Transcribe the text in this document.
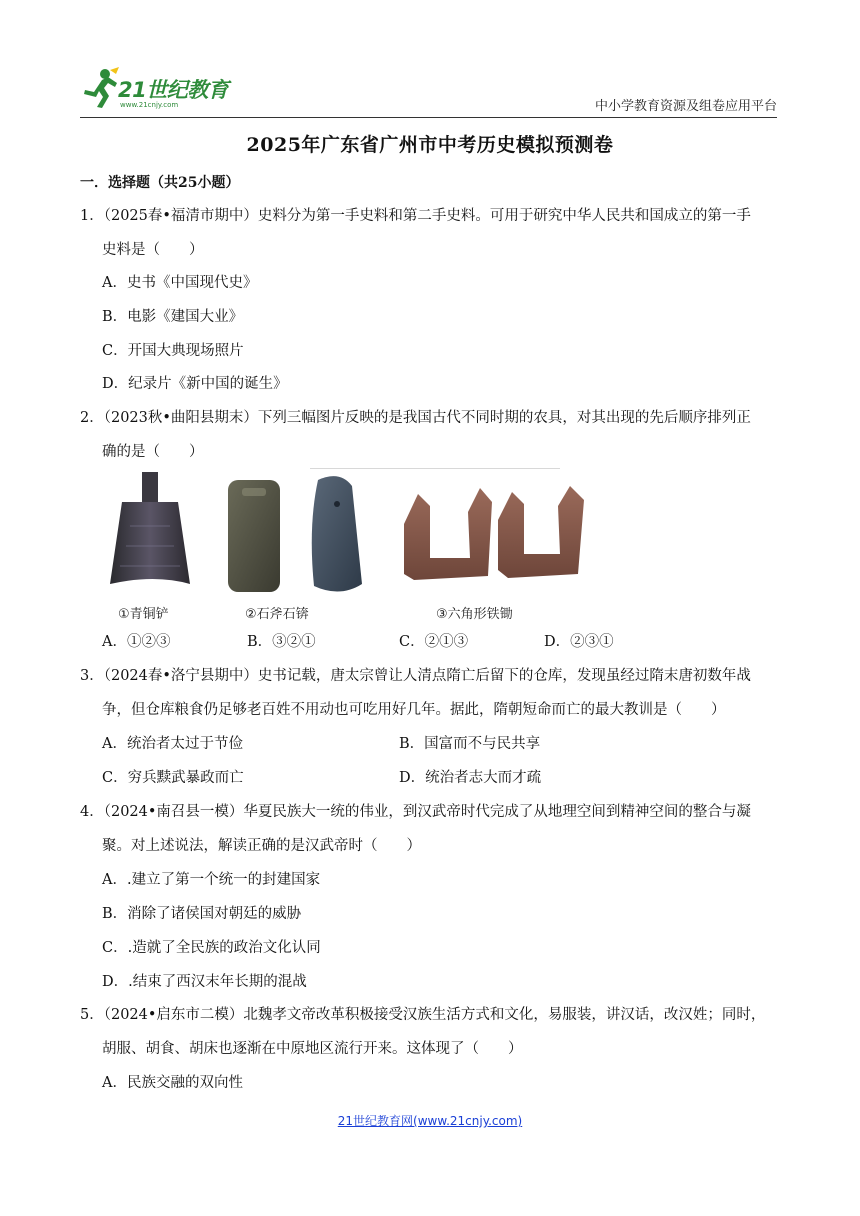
21世纪教育
www.21cnjy.com	中小学教育资源及组卷应用平台
2025年广东省广州市中考历史模拟预测卷
一．选择题（共25小题）
1．（2025春•福清市期中）史料分为第一手史料和第二手史料。可用于研究中华人民共和国成立的第一手
史料是（　　）
A．史书《中国现代史》
B．电影《建国大业》
C．开国大典现场照片
D．纪录片《新中国的诞生》
2．（2023秋•曲阳县期末）下列三幅图片反映的是我国古代不同时期的农具，对其出现的先后顺序排列正
确的是（　　）
①青铜铲	②石斧石锛	③六角形铁锄
A．①②③	B．③②①	C．②①③	D．②③①
3．（2024春•洛宁县期中）史书记载，唐太宗曾让人清点隋亡后留下的仓库，发现虽经过隋末唐初数年战
争，但仓库粮食仍足够老百姓不用动也可吃用好几年。据此，隋朝短命而亡的最大教训是（　　）
A．统治者太过于节俭	B．国富而不与民共享
C．穷兵黩武暴政而亡	D．统治者志大而才疏
4．（2024•南召县一模）华夏民族大一统的伟业，到汉武帝时代完成了从地理空间到精神空间的整合与凝
聚。对上述说法，解读正确的是汉武帝时（　　）
A．.建立了第一个统一的封建国家
B．消除了诸侯国对朝廷的威胁
C．.造就了全民族的政治文化认同
D．.结束了西汉末年长期的混战
5．（2024•启东市二模）北魏孝文帝改革积极接受汉族生活方式和文化，易服装，讲汉话，改汉姓；同时，
胡服、胡食、胡床也逐渐在中原地区流行开来。这体现了（　　）
A．民族交融的双向性
21世纪教育网(www.21cnjy.com)
